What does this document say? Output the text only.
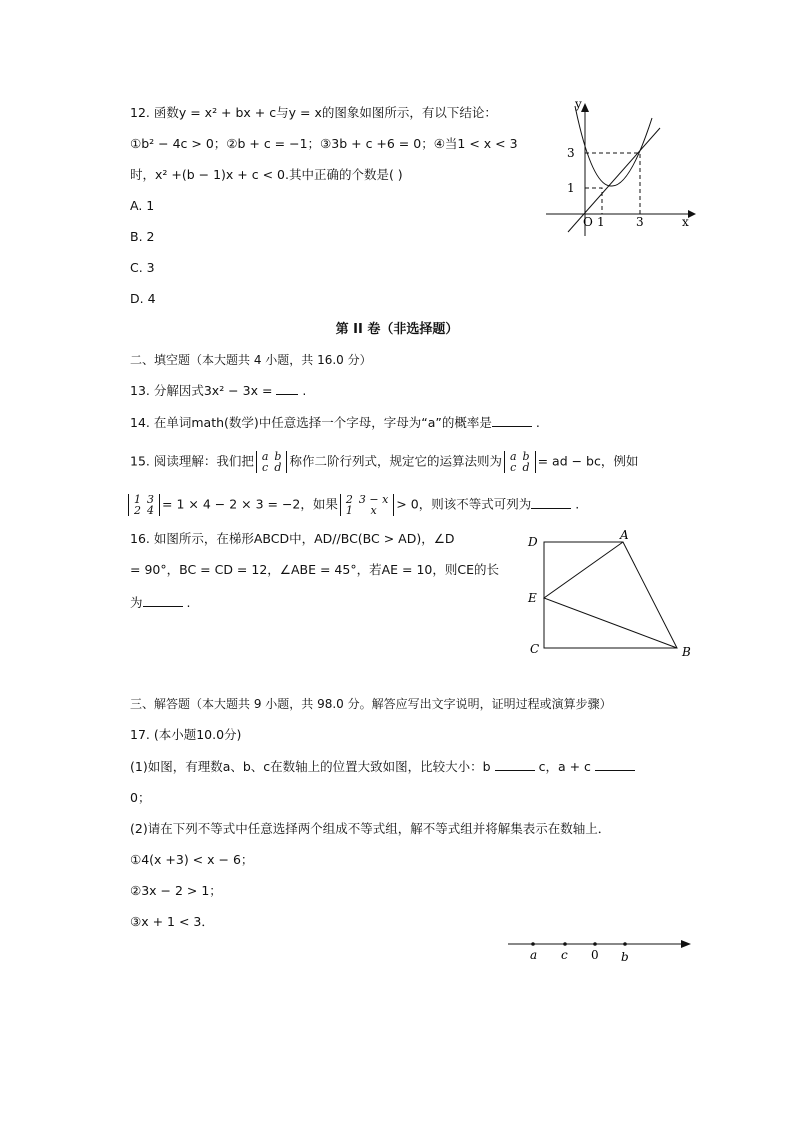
12. 函数y = x² + bx + c与y = x的图象如图所示，有以下结论：
①b² − 4c > 0；②b + c = −1；③3b + c +6 = 0；④当1 < x < 3
时，x² +(b − 1)x + c < 0.其中正确的个数是( )
A. 1
B. 2
C. 3
D. 4
y
x
O 1	3
1
3
第 II 卷（非选择题）
二、填空题（本大题共 4 小题，共 16.0 分）
13. 分解因式3x² − 3x =  .
14. 在单词math(数学)中任意选择一个字母，字母为“a”的概率是	.
15. 阅读理解：我们把 a
c
b
d 称作二阶行列式，规定它的运算法则为 a
c
b
d = ad − bc，例如
1
2
3
4 = 1 × 4 − 2 × 3 = −2，如果 2
1
3 − x
x	> 0，则该不等式可列为	.
16. 如图所示，在梯形ABCD中，AD//BC(BC > AD)，∠D
= 90°，BC = CD = 12，∠ABE = 45°，若AE = 10，则CE的长
为	.
D	A
E
C	B
三、解答题（本大题共 9 小题，共 98.0 分。解答应写出文字说明，证明过程或演算步骤）
17. (本小题10.0分)
(1)如图，有理数a、b、c在数轴上的位置大致如图，比较大小：b	c，a + c
0；
(2)请在下列不等式中任意选择两个组成不等式组，解不等式组并将解集表示在数轴上．
①4(x +3) < x − 6；
②3x − 2 > 1；
③x + 1 < 3．
a c 0 b
